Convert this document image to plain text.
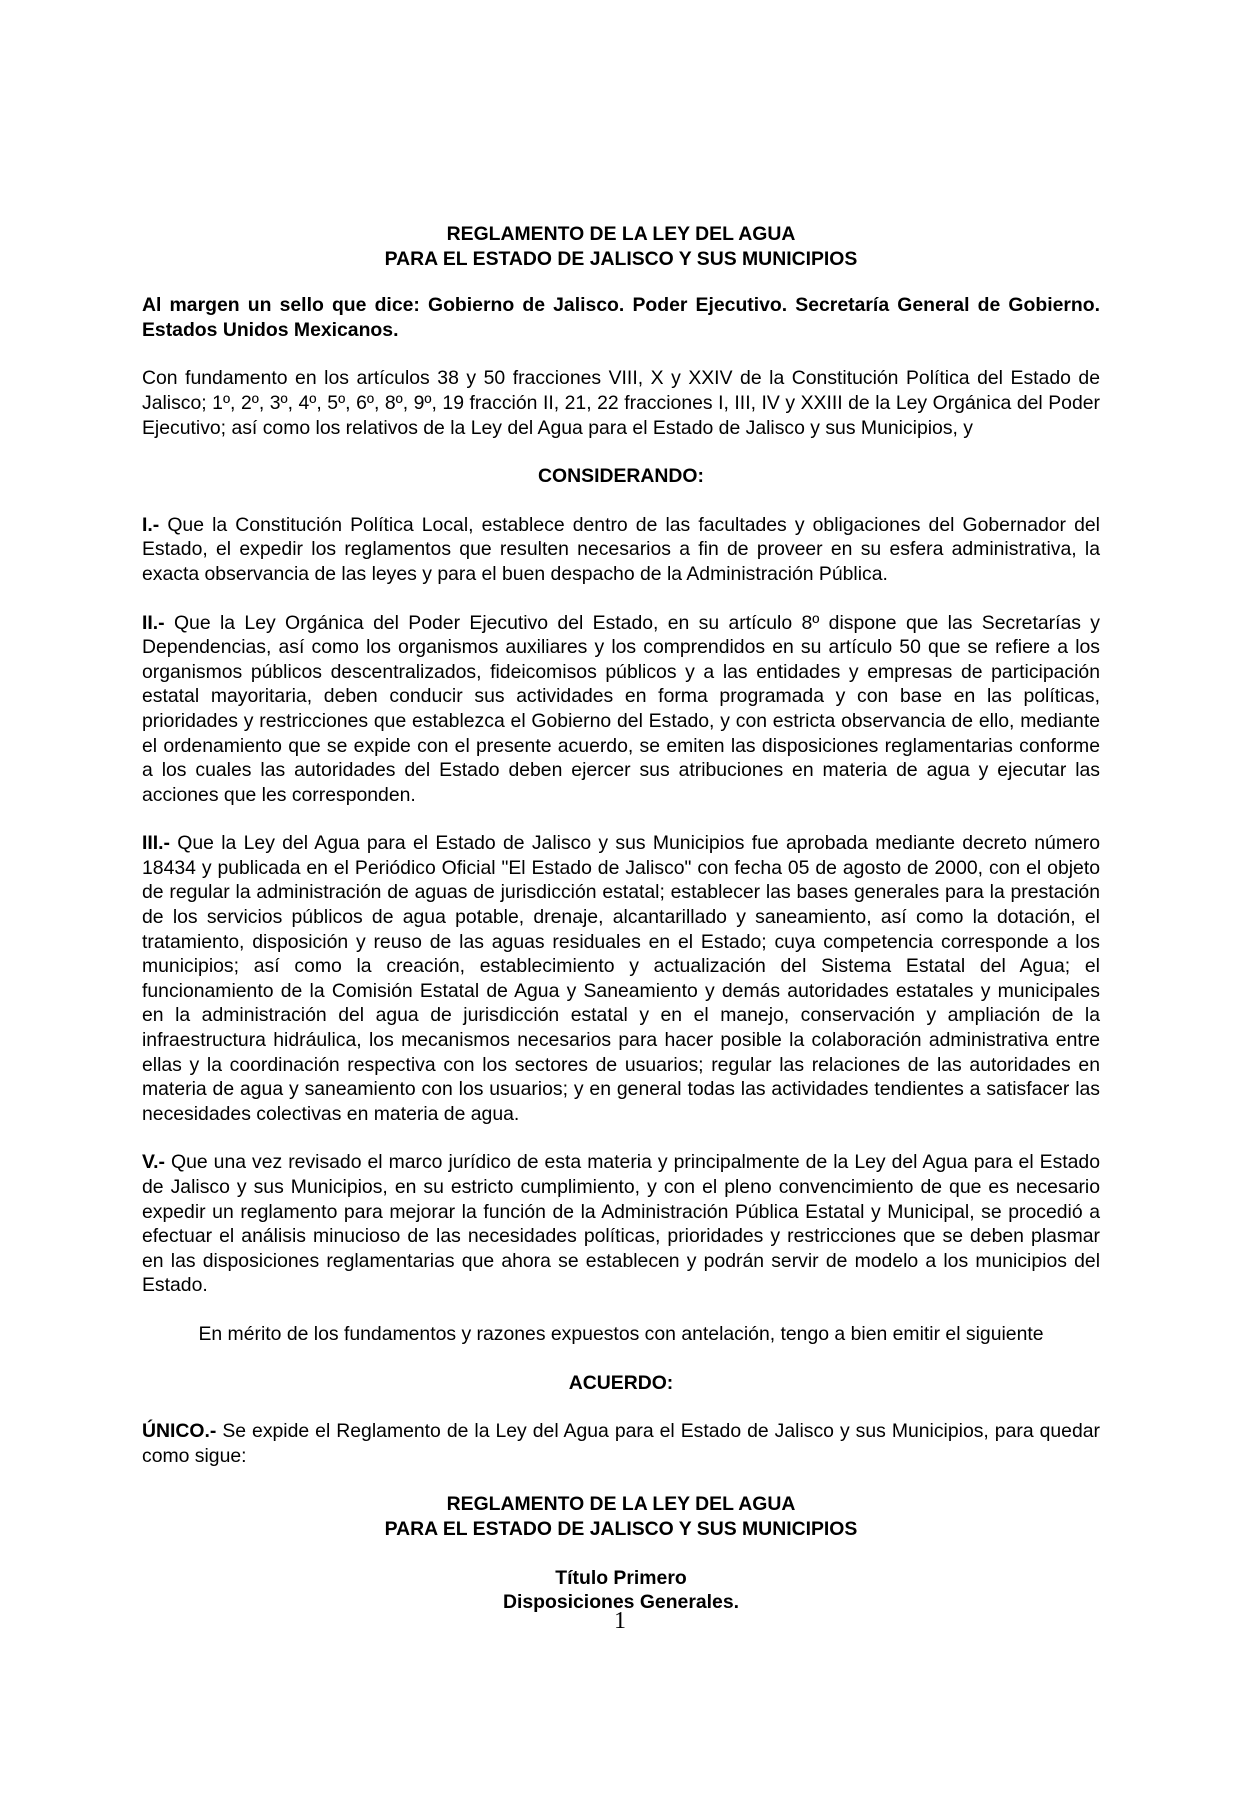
REGLAMENTO DE LA LEY DEL AGUA
PARA EL ESTADO DE JALISCO Y SUS MUNICIPIOS
Al margen un sello que dice: Gobierno de Jalisco. Poder Ejecutivo. Secretaría General de Gobierno. Estados Unidos Mexicanos.
Con fundamento en los artículos 38 y 50 fracciones VIII, X y XXIV de la Constitución Política del Estado de Jalisco; 1º, 2º, 3º, 4º, 5º, 6º, 8º, 9º, 19 fracción II, 21, 22 fracciones I, III, IV y XXIII de la Ley Orgánica del Poder Ejecutivo; así como los relativos de la Ley del Agua para el Estado de Jalisco y sus Municipios, y
CONSIDERANDO:
I.- Que la Constitución Política Local, establece dentro de las facultades y obligaciones del Gobernador del Estado, el expedir los reglamentos que resulten necesarios a fin de proveer en su esfera administrativa, la exacta observancia de las leyes y para el buen despacho de la Administración Pública.
II.- Que la Ley Orgánica del Poder Ejecutivo del Estado, en su artículo 8º dispone que las Secretarías y Dependencias, así como los organismos auxiliares y los comprendidos en su artículo 50 que se refiere a los organismos públicos descentralizados, fideicomisos públicos y a las entidades y empresas de participación estatal mayoritaria, deben conducir sus actividades en forma programada y con base en las políticas, prioridades y restricciones que establezca el Gobierno del Estado, y con estricta observancia de ello, mediante el ordenamiento que se expide con el presente acuerdo, se emiten las disposiciones reglamentarias conforme a los cuales las autoridades del Estado deben ejercer sus atribuciones en materia de agua y ejecutar las acciones que les corresponden.
III.- Que la Ley del Agua para el Estado de Jalisco y sus Municipios fue aprobada mediante decreto número 18434 y publicada en el Periódico Oficial "El Estado de Jalisco" con fecha 05 de agosto de 2000, con el objeto de regular la administración de aguas de jurisdicción estatal; establecer las bases generales para la prestación de los servicios públicos de agua potable, drenaje, alcantarillado y saneamiento, así como la dotación, el tratamiento, disposición y reuso de las aguas residuales en el Estado; cuya competencia corresponde a los municipios; así como la creación, establecimiento y actualización del Sistema Estatal del Agua; el funcionamiento de la Comisión Estatal de Agua y Saneamiento y demás autoridades estatales y municipales en la administración del agua de jurisdicción estatal y en el manejo, conservación y ampliación de la infraestructura hidráulica, los mecanismos necesarios para hacer posible la colaboración administrativa entre ellas y la coordinación respectiva con los sectores de usuarios; regular las relaciones de las autoridades en materia de agua y saneamiento con los usuarios; y en general todas las actividades tendientes a satisfacer las necesidades colectivas en materia de agua.
V.- Que una vez revisado el marco jurídico de esta materia y principalmente de la Ley del Agua para el Estado de Jalisco y sus Municipios, en su estricto cumplimiento, y con el pleno convencimiento de que es necesario expedir un reglamento para mejorar la función de la Administración Pública Estatal y Municipal, se procedió a efectuar el análisis minucioso de las necesidades políticas, prioridades y restricciones que se deben plasmar en las disposiciones reglamentarias que ahora se establecen y podrán servir de modelo a los municipios del Estado.
En mérito de los fundamentos y razones expuestos con antelación, tengo a bien emitir el siguiente
ACUERDO:
ÚNICO.- Se expide el Reglamento de la Ley del Agua para el Estado de Jalisco y sus Municipios, para quedar como sigue:
REGLAMENTO DE LA LEY DEL AGUA
PARA EL ESTADO DE JALISCO Y SUS MUNICIPIOS
Título Primero
Disposiciones Generales.
1
